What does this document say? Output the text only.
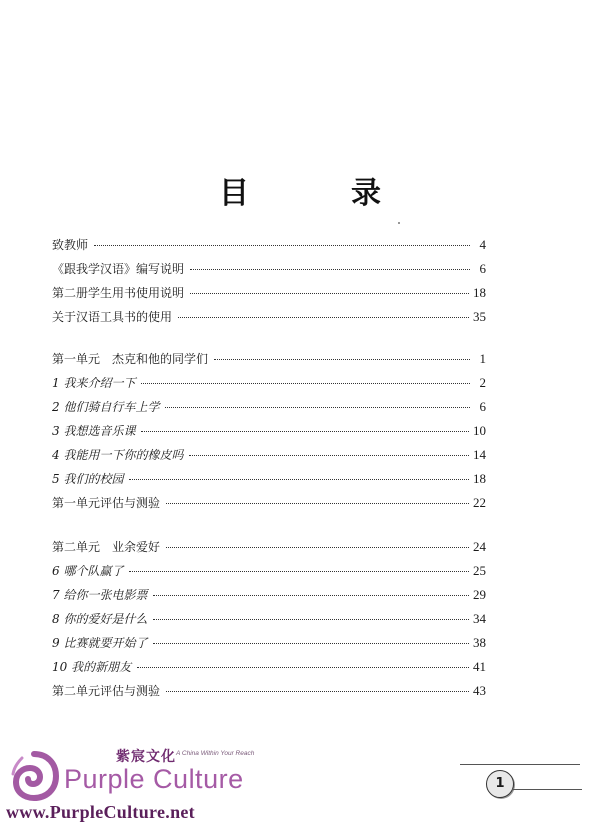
目　录
致教师	4
《跟我学汉语》编写说明	6
第二册学生用书使用说明	18
关于汉语工具书的使用	35
第一单元　杰克和他的同学们	1
1 我来介绍一下	2
2 他们骑自行车上学	6
3 我想选音乐课	10
4 我能用一下你的橡皮吗	14
5 我们的校园	18
第一单元评估与测验	22
第二单元　业余爱好	24
6 哪个队赢了	25
7 给你一张电影票	29
8 你的爱好是什么	34
9 比赛就要开始了	38
10 我的新朋友	41
第二单元评估与测验	43
1
紫宸文化 A China Within Your Reach
Purple Culture
www.PurpleCulture.net
